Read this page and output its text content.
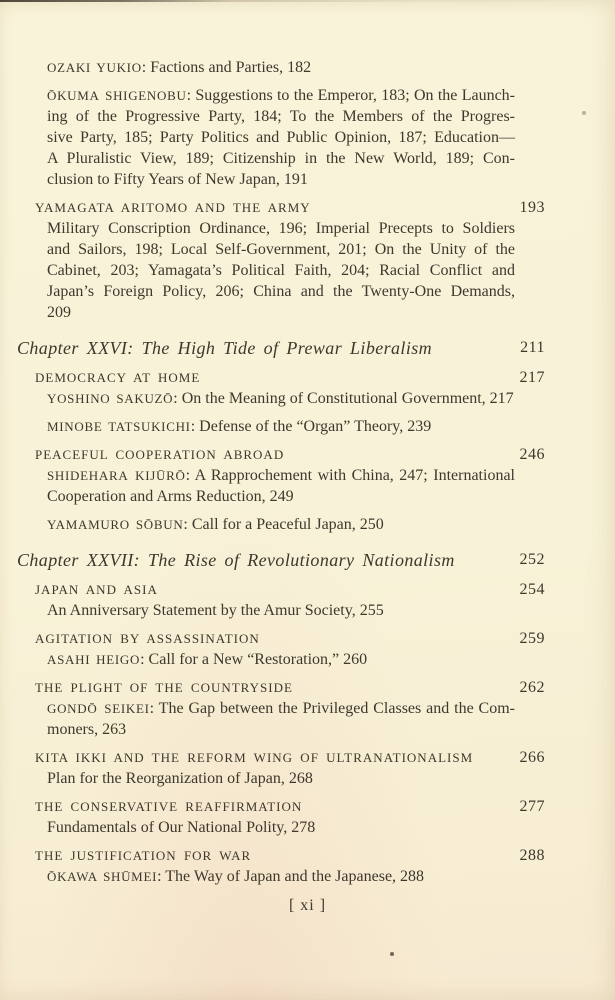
OZAKI YUKIO: Factions and Parties, 182
ŌKUMA SHIGENOBU: Suggestions to the Emperor, 183; On the Launch-
ing of the Progressive Party, 184; To the Members of the Progres-
sive Party, 185; Party Politics and Public Opinion, 187; Education—
A Pluralistic View, 189; Citizenship in the New World, 189; Con-
clusion to Fifty Years of New Japan, 191
YAMAGATA ARITOMO AND THE ARMY	193
Military Conscription Ordinance, 196; Imperial Precepts to Soldiers
and Sailors, 198; Local Self-Government, 201; On the Unity of the
Cabinet, 203; Yamagata’s Political Faith, 204; Racial Conflict and
Japan’s Foreign Policy, 206; China and the Twenty-One Demands,
209
Chapter XXVI: The High Tide of Prewar Liberalism	211
DEMOCRACY AT HOME	217
YOSHINO SAKUZŌ: On the Meaning of Constitutional Government, 217
MINOBE TATSUKICHI: Defense of the “Organ” Theory, 239
PEACEFUL COOPERATION ABROAD	246
SHIDEHARA KIJŪRŌ: A Rapprochement with China, 247; International
Cooperation and Arms Reduction, 249
YAMAMURO SŌBUN: Call for a Peaceful Japan, 250
Chapter XXVII: The Rise of Revolutionary Nationalism	252
JAPAN AND ASIA	254
An Anniversary Statement by the Amur Society, 255
AGITATION BY ASSASSINATION	259
ASAHI HEIGO: Call for a New “Restoration,” 260
THE PLIGHT OF THE COUNTRYSIDE	262
GONDŌ SEIKEI: The Gap between the Privileged Classes and the Com-
moners, 263
KITA IKKI AND THE REFORM WING OF ULTRANATIONALISM	266
Plan for the Reorganization of Japan, 268
THE CONSERVATIVE REAFFIRMATION	277
Fundamentals of Our National Polity, 278
THE JUSTIFICATION FOR WAR	288
ŌKAWA SHŪMEI: The Way of Japan and the Japanese, 288
[ xi ]
